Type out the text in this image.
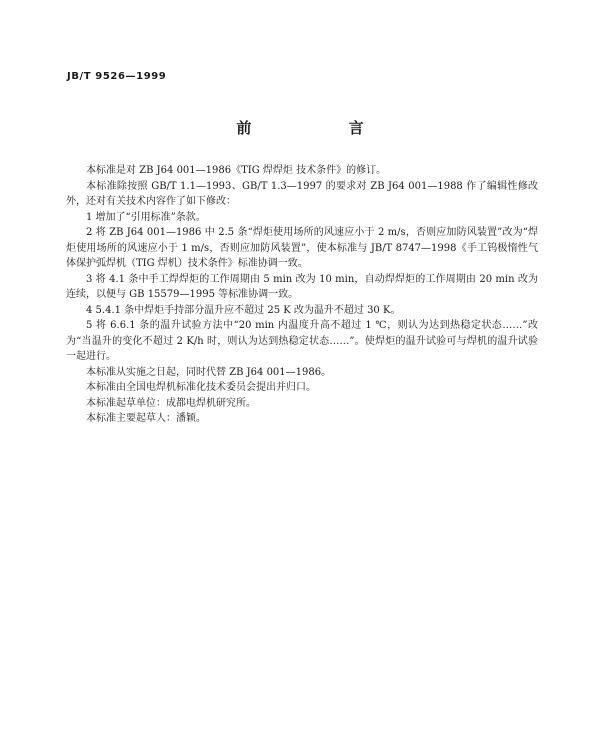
JB/T 9526—1999
前 言

本标准是对 ZB J64 001—1986《TIG 焊焊炬 技术条件》的修订。

本标准除按照 GB/T 1.1—1993、GB/T 1.3—1997 的要求对 ZB J64 001—1988 作了编辑性修改外，还对有关技术内容作了如下修改：

1 增加了“引用标准”条款。

2 将 ZB J64 001—1986 中 2.5 条“焊炬使用场所的风速应小于 2 m/s，否则应加防风装置”改为“焊炬使用场所的风速应小于 1 m/s，否则应加防风装置”，使本标准与 JB/T 8747—1998《手工钨极惰性气体保护弧焊机（TIG 焊机）技术条件》标准协调一致。

3 将 4.1 条中手工焊焊炬的工作周期由 5 min 改为 10 min，自动焊焊炬的工作周期由 20 min 改为连续，以便与 GB 15579—1995 等标准协调一致。

4 5.4.1 条中焊炬手持部分温升应不超过 25 K 改为温升不超过 30 K。

5 将 6.6.1 条的温升试验方法中“20 min 内温度升高不超过 1 ℃，则认为达到热稳定状态……”改为“当温升的变化不超过 2 K/h 时，则认为达到热稳定状态……”。使焊炬的温升试验可与焊机的温升试验一起进行。

本标准从实施之日起，同时代替 ZB J64 001—1986。

本标准由全国电焊机标准化技术委员会提出并归口。

本标准起草单位：成都电焊机研究所。

本标准主要起草人：潘颖。
